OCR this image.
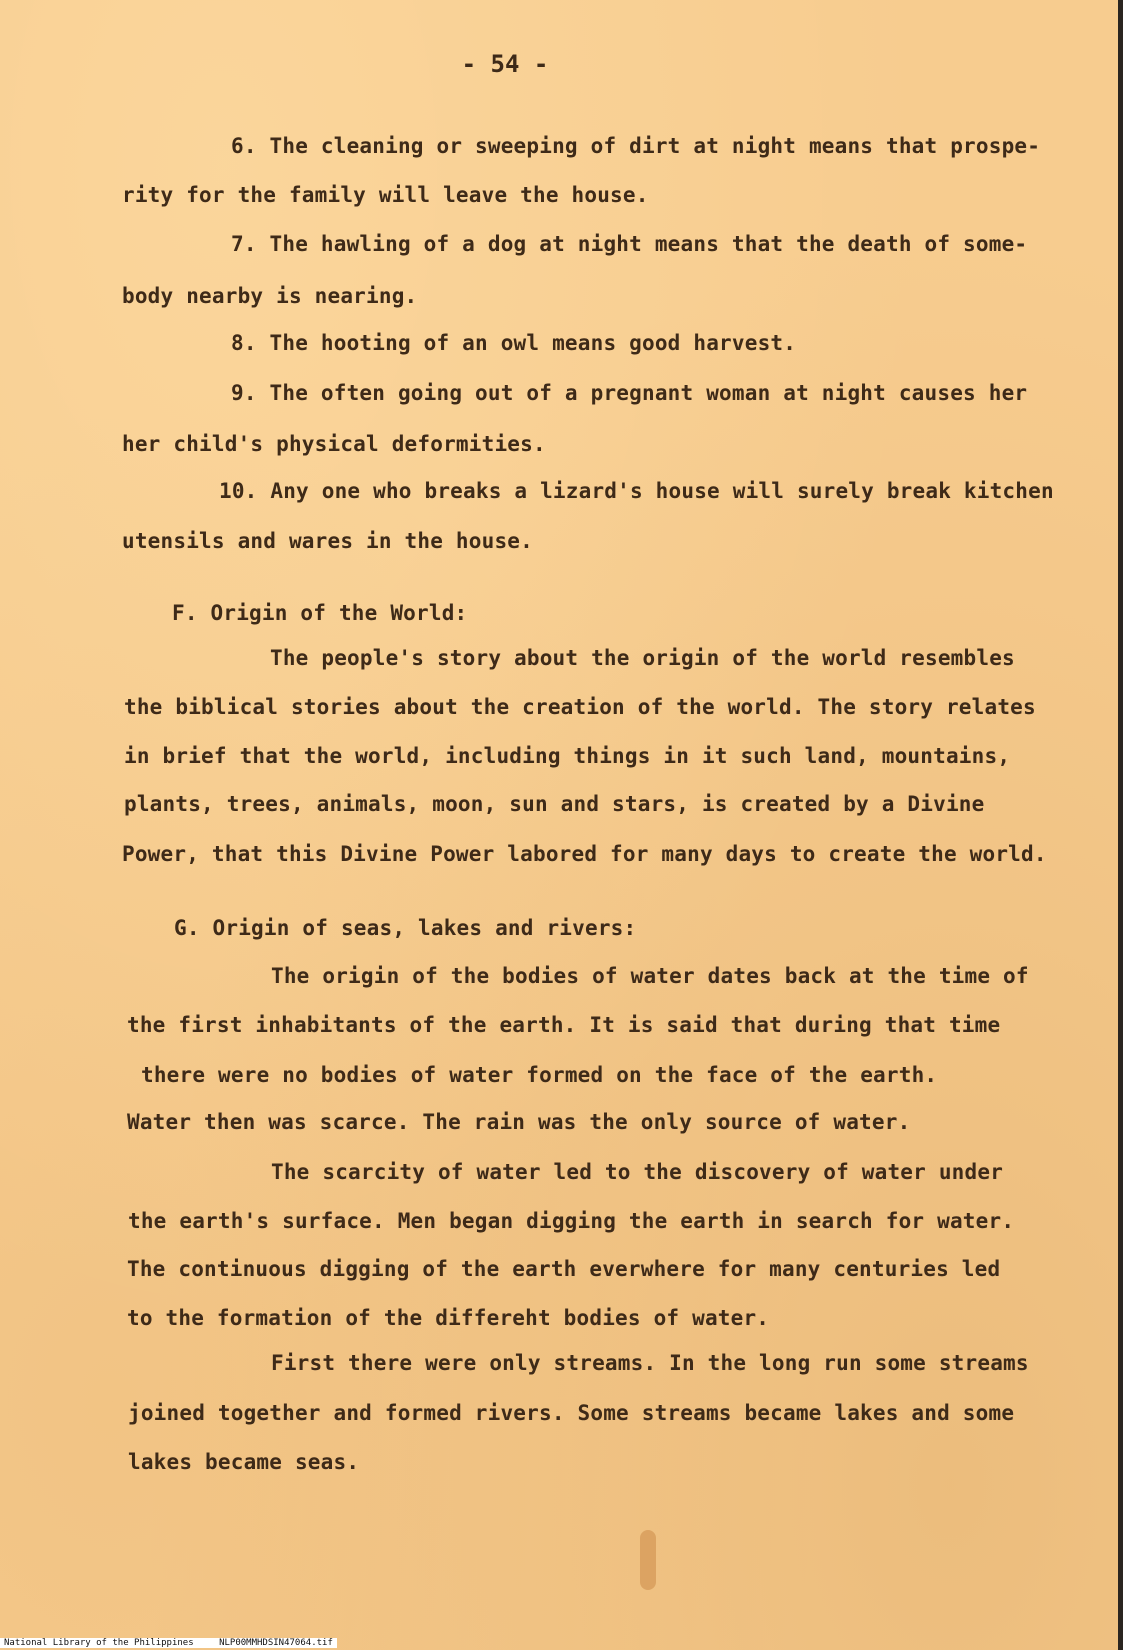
- 54 -
6. The cleaning or sweeping of dirt at night means that prospe-
rity for the family will leave the house.
7. The hawling of a dog at night means that the death of some-
body nearby is nearing.
8. The hooting of an owl means good harvest.
9. The often going out of a pregnant woman at night causes her
her child's physical deformities.
10. Any one who breaks a lizard's house will surely break kitchen
utensils and wares in the house.
F. Origin of the World:
The people's story about the origin of the world resembles
the biblical stories about the creation of the world. The story relates
in brief that the world, including things in it such land, mountains,
plants, trees, animals, moon, sun and stars, is created by a Divine
Power, that this Divine Power labored for many days to create the world.
G. Origin of seas, lakes and rivers:
The origin of the bodies of water dates back at the time of
the first inhabitants of the earth. It is said that during that time
there were no bodies of water formed on the face of the earth.
Water then was scarce. The rain was the only source of water.
The scarcity of water led to the discovery of water under
the earth's surface. Men began digging the earth in search for water.
The continuous digging of the earth everwhere for many centuries led
to the formation of the differeht bodies of water.
First there were only streams. In the long run some streams
joined together and formed rivers. Some streams became lakes and some
lakes became seas.
National Library of the Philippines	NLP00MMHDSIN47064.tif
